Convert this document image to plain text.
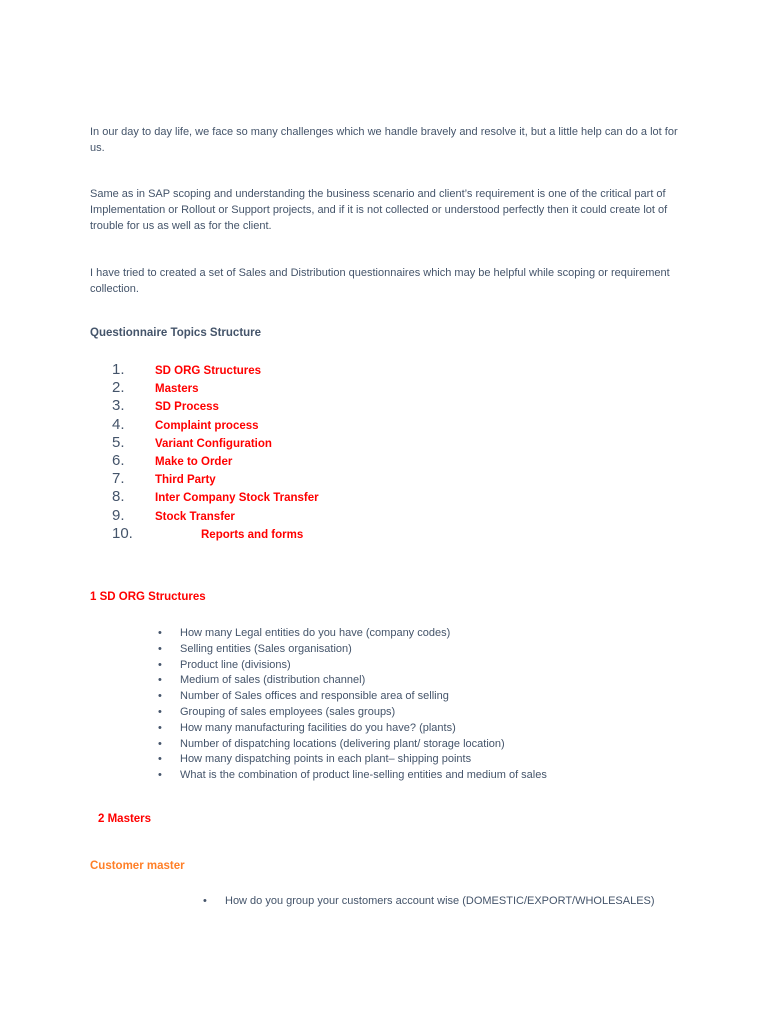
In our day to day life, we face so many challenges which we handle bravely and resolve it, but a little help can do a lot for us.

Same as in SAP scoping and understanding the business scenario and client’s requirement is one of the critical part of Implementation or Rollout or Support projects, and if it is not collected or understood perfectly then it could create lot of trouble for us as well as for the client.

I have tried to created a set of Sales and Distribution questionnaires which may be helpful while scoping or requirement collection.

Questionnaire Topics Structure
1.	SD ORG Structures
2.	Masters
3.	SD Process
4.	Complaint process
5.	Variant Configuration
6.	Make to Order
7.	Third Party
8.	Inter Company Stock Transfer
9.	Stock Transfer
10.	Reports and forms
1 SD ORG Structures
• How many Legal entities do you have (company codes)
• Selling entities (Sales organisation)
• Product line (divisions)
• Medium of sales (distribution channel)
• Number of Sales offices and responsible area of selling
• Grouping of sales employees (sales groups)
• How many manufacturing facilities do you have? (plants)
• Number of dispatching locations (delivering plant/ storage location)
• How many dispatching points in each plant– shipping points
• What is the combination of product line-selling entities and medium of sales
2 Masters
Customer master
• How do you group your customers account wise (DOMESTIC/EXPORT/WHOLESALES)
